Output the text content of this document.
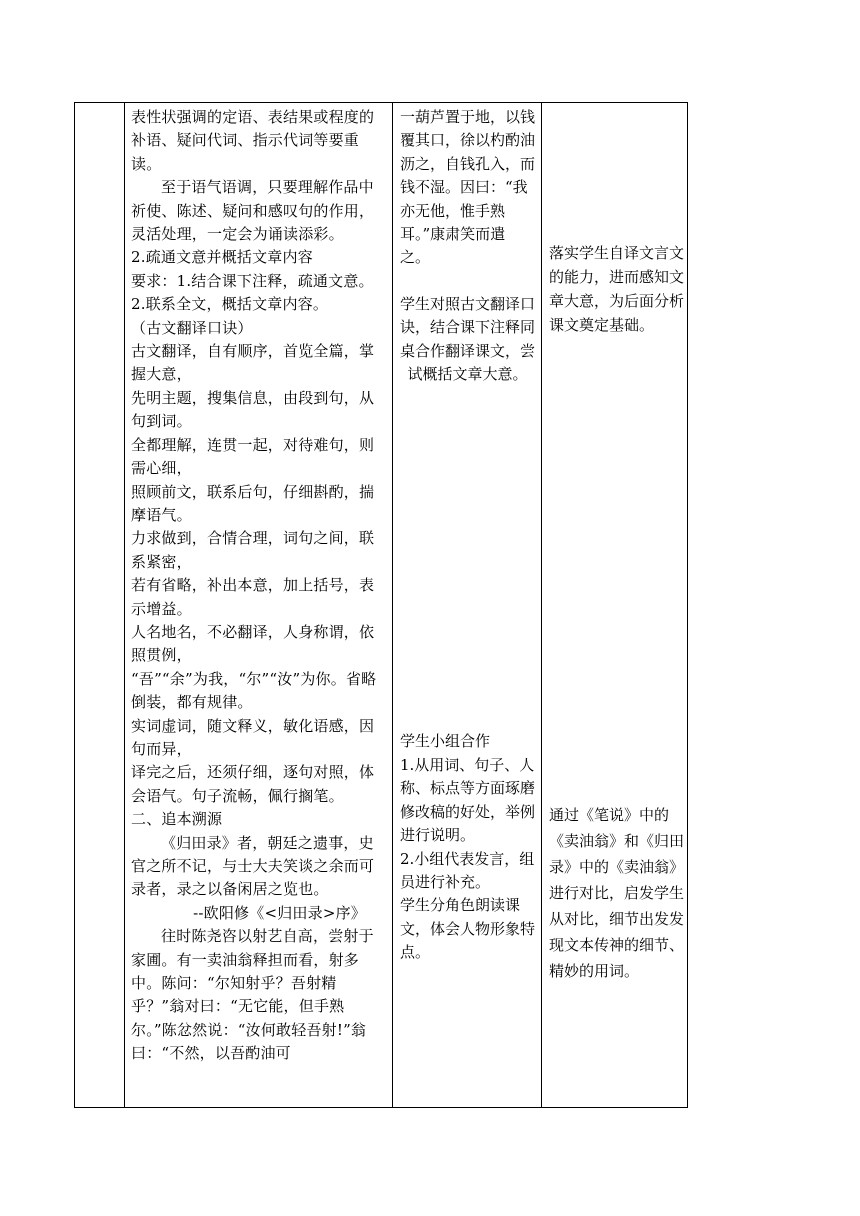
表性状强调的定语、表结果或程度的补语、疑问代词、指示代词等要重读。

至于语气语调，只要理解作品中祈使、陈述、疑问和感叹句的作用，灵活处理，一定会为诵读添彩。

2.疏通文意并概括文章内容

要求：1.结合课下注释，疏通文意。2.联系全文，概括文章内容。

（古文翻译口诀）

古文翻译，自有顺序，首览全篇，掌握大意，

先明主题，搜集信息，由段到句，从句到词。

全都理解，连贯一起，对待难句，则需心细，

照顾前文，联系后句，仔细斟酌，揣摩语气。

力求做到，合情合理，词句之间，联系紧密，

若有省略，补出本意，加上括号，表示增益。

人名地名，不必翻译，人身称谓，依照贯例，

“吾”“余”为我，“尔”“汝”为你。省略倒装，都有规律。

实词虚词，随文释义，敏化语感，因句而异，

译完之后，还须仔细，逐句对照，体会语气。句子流畅，佩行搁笔。

二、追本溯源

《归田录》者，朝廷之遗事，史官之所不记，与士大夫笑谈之余而可录者，录之以备闲居之览也。

--欧阳修《<归田录>序》

往时陈尧咨以射艺自高，尝射于家圃。有一卖油翁释担而看，射多中。陈问：“尔知射乎？吾射精乎？”翁对曰：“无它能，但手熟尔。”陈忿然说：“汝何敢轻吾射!”翁曰：“不然，以吾酌油可

一葫芦置于地，以钱覆其口，徐以杓酌油沥之，自钱孔入，而钱不湿。因曰：“我亦无他，惟手熟耳。”康肃笑而遣之。

学生对照古文翻译口诀，结合课下注释同桌合作翻译课文，尝试概括文章大意。

学生小组合作

1.从用词、句子、人称、标点等方面琢磨修改稿的好处，举例进行说明。

2.小组代表发言，组员进行补充。

学生分角色朗读课文，体会人物形象特点。

落实学生自译文言文的能力，进而感知文章大意，为后面分析课文奠定基础。
通过《笔说》中的《卖油翁》和《归田录》中的《卖油翁》进行对比，启发学生从对比，细节出发发现文本传神的细节、精妙的用词。
